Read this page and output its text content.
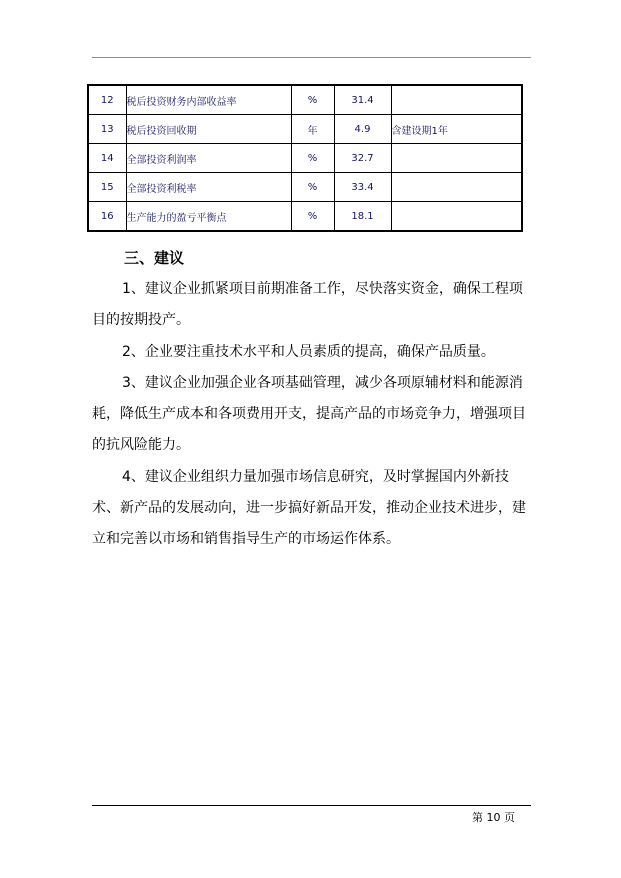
12	税后投资财务内部收益率	%	31.4	
13	税后投资回收期	年	4.9	含建设期1年
14	全部投资利润率	%	32.7	
15	全部投资利税率	%	33.4	
16	生产能力的盈亏平衡点	%	18.1	
三、建议

1、建议企业抓紧项目前期准备工作，尽快落实资金，确保工程项目的按期投产。

2、企业要注重技术水平和人员素质的提高，确保产品质量。

3、建议企业加强企业各项基础管理，减少各项原辅材料和能源消耗，降低生产成本和各项费用开支，提高产品的市场竞争力，增强项目的抗风险能力。

4、建议企业组织力量加强市场信息研究，及时掌握国内外新技术、新产品的发展动向，进一步搞好新品开发，推动企业技术进步，建立和完善以市场和销售指导生产的市场运作体系。

第 10 页
